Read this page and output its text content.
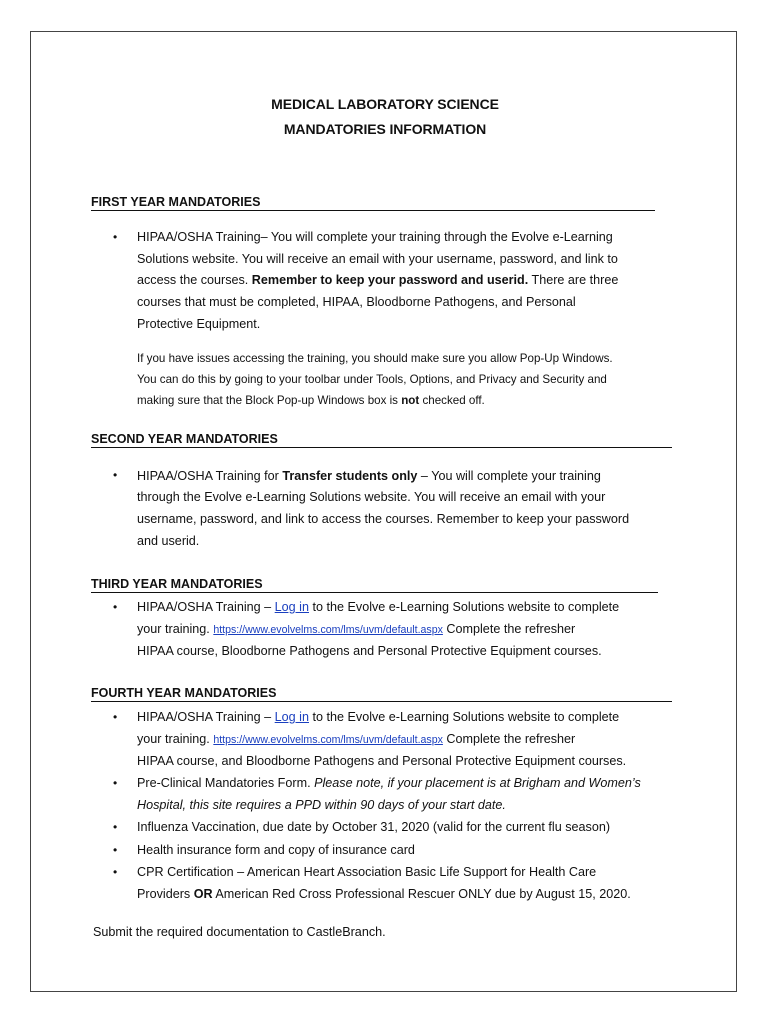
MEDICAL LABORATORY SCIENCE
MANDATORIES INFORMATION
FIRST YEAR MANDATORIES
• HIPAA/OSHA Training– You will complete your training through the Evolve e-Learning
Solutions website. You will receive an email with your username, password, and link to
access the courses. Remember to keep your password and userid. There are three
courses that must be completed, HIPAA, Bloodborne Pathogens, and Personal
Protective Equipment.
If you have issues accessing the training, you should make sure you allow Pop-Up Windows.
You can do this by going to your toolbar under Tools, Options, and Privacy and Security and
making sure that the Block Pop-up Windows box is not checked off.
SECOND YEAR MANDATORIES
• HIPAA/OSHA Training for Transfer students only – You will complete your training
through the Evolve e-Learning Solutions website. You will receive an email with your
username, password, and link to access the courses. Remember to keep your password
and userid.
THIRD YEAR MANDATORIES
• HIPAA/OSHA Training – Log in to the Evolve e-Learning Solutions website to complete
your training. https://www.evolvelms.com/lms/uvm/default.aspx Complete the refresher
HIPAA course, Bloodborne Pathogens and Personal Protective Equipment courses.
FOURTH YEAR MANDATORIES
• HIPAA/OSHA Training – Log in to the Evolve e-Learning Solutions website to complete
your training. https://www.evolvelms.com/lms/uvm/default.aspx Complete the refresher
HIPAA course, and Bloodborne Pathogens and Personal Protective Equipment courses.
• Pre-Clinical Mandatories Form. Please note, if your placement is at Brigham and Women’s
Hospital, this site requires a PPD within 90 days of your start date.
• Influenza Vaccination, due date by October 31, 2020 (valid for the current flu season)
• Health insurance form and copy of insurance card
• CPR Certification – American Heart Association Basic Life Support for Health Care
Providers OR American Red Cross Professional Rescuer ONLY due by August 15, 2020.
Submit the required documentation to CastleBranch.
